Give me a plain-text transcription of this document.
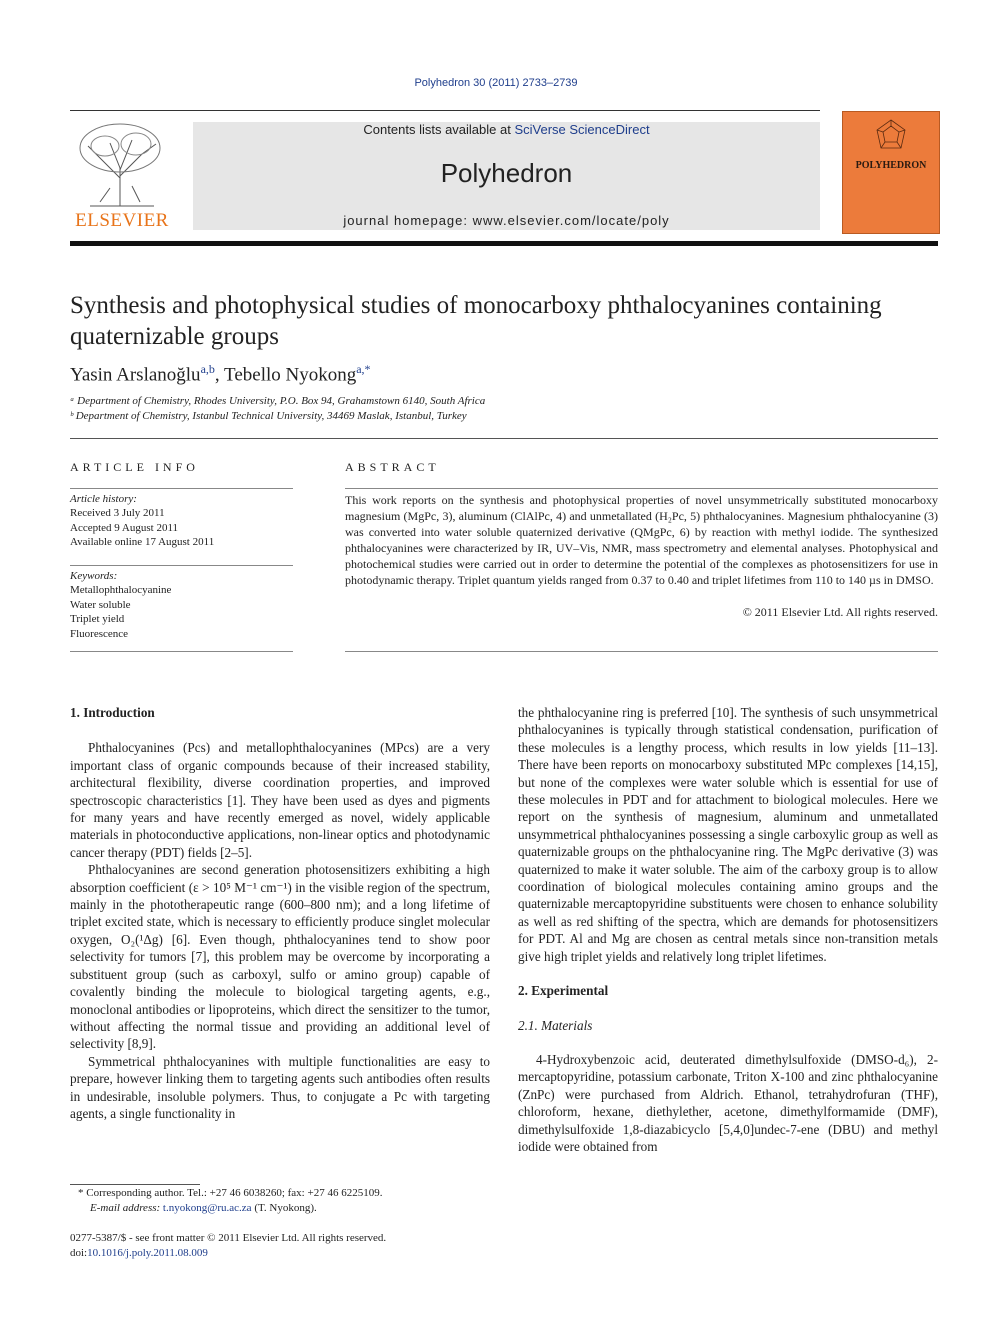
Polyhedron 30 (2011) 2733–2739
ELSEVIER
Contents lists available at SciVerse ScienceDirect
Polyhedron
journal homepage: www.elsevier.com/locate/poly
POLYHEDRON
Synthesis and photophysical studies of monocarboxy phthalocyanines containing quaternizable groups
Yasin Arslanoğlu$^{a,b}$, Tebello Nyokong$^{a,*}$
ᵃ Department of Chemistry, Rhodes University, P.O. Box 94, Grahamstown 6140, South Africa
ᵇ Department of Chemistry, Istanbul Technical University, 34469 Maslak, Istanbul, Turkey
ARTICLE INFO	ABSTRACT
Article history:
Received 3 July 2011
Accepted 9 August 2011
Available online 17 August 2011
Keywords:
Metallophthalocyanine
Water soluble
Triplet yield
Fluorescence
This work reports on the synthesis and photophysical properties of novel unsymmetrically substituted monocarboxy magnesium (MgPc, 3), aluminum (ClAlPc, 4) and unmetallated (H₂Pc, 5) phthalocyanines. Magnesium phthalocyanine (3) was converted into water soluble quaternized derivative (QMgPc, 6) by reaction with methyl iodide. The synthesized phthalocyanines were characterized by IR, UV–Vis, NMR, mass spectrometry and elemental analyses. Photophysical and photochemical studies were carried out in order to determine the potential of the complexes as photosensitizers for use in photodynamic therapy. Triplet quantum yields ranged from 0.37 to 0.40 and triplet lifetimes from 110 to 140 µs in DMSO.
© 2011 Elsevier Ltd. All rights reserved.
1. Introduction

Phthalocyanines (Pcs) and metallophthalocyanines (MPcs) are a very important class of organic compounds because of their increased stability, architectural flexibility, diverse coordination properties, and improved spectroscopic characteristics [1]. They have been used as dyes and pigments for many years and have recently emerged as novel, widely applicable materials in photoconductive applications, non-linear optics and photodynamic cancer therapy (PDT) fields [2–5].

Phthalocyanines are second generation photosensitizers exhibiting a high absorption coefficient (ε > 10⁵ M⁻¹ cm⁻¹) in the visible region of the spectrum, mainly in the phototherapeutic range (600–800 nm); and a long lifetime of triplet excited state, which is necessary to efficiently produce singlet molecular oxygen, O₂(¹Δg) [6]. Even though, phthalocyanines tend to show poor selectivity for tumors [7], this problem may be overcome by incorporating a substituent group (such as carboxyl, sulfo or amino group) capable of covalently binding the molecule to biological targeting agents, e.g., monoclonal antibodies or lipoproteins, which direct the sensitizer to the tumor, without affecting the normal tissue and providing an additional level of selectivity [8,9].

Symmetrical phthalocyanines with multiple functionalities are easy to prepare, however linking them to targeting agents such antibodies often results in undesirable, insoluble polymers. Thus, to conjugate a Pc with targeting agents, a single functionality in

the phthalocyanine ring is preferred [10]. The synthesis of such unsymmetrical phthalocyanines is typically through statistical condensation, purification of these molecules is a lengthy process, which results in low yields [11–13]. There have been reports on monocarboxy substituted MPc complexes [14,15], but none of the complexes were water soluble which is essential for use of these molecules in PDT and for attachment to biological molecules. Here we report on the synthesis of magnesium, aluminum and unmetallated unsymmetrical phthalocyanines possessing a single carboxylic group as well as quaternizable groups on the phthalocyanine ring. The MgPc derivative (3) was quaternized to make it water soluble. The aim of the carboxy group is to allow coordination of biological molecules containing amino groups and the quaternizable mercaptopyridine substituents were chosen to enhance solubility as well as red shifting of the spectra, which are demands for photosensitizers for PDT. Al and Mg are chosen as central metals since non-transition metals give high triplet yields and relatively long triplet lifetimes.

2. Experimental
2.1. Materials

4-Hydroxybenzoic acid, deuterated dimethylsulfoxide (DMSO-d₆), 2-mercaptopyridine, potassium carbonate, Triton X-100 and zinc phthalocyanine (ZnPc) were purchased from Aldrich. Ethanol, tetrahydrofuran (THF), chloroform, hexane, diethylether, acetone, dimethylformamide (DMF), dimethylsulfoxide 1,8-diazabicyclo [5,4,0]undec-7-ene (DBU) and methyl iodide were obtained from

* Corresponding author. Tel.: +27 46 6038260; fax: +27 46 6225109.
E-mail address: t.nyokong@ru.ac.za (T. Nyokong).
0277-5387/$ - see front matter © 2011 Elsevier Ltd. All rights reserved.
doi:10.1016/j.poly.2011.08.009
